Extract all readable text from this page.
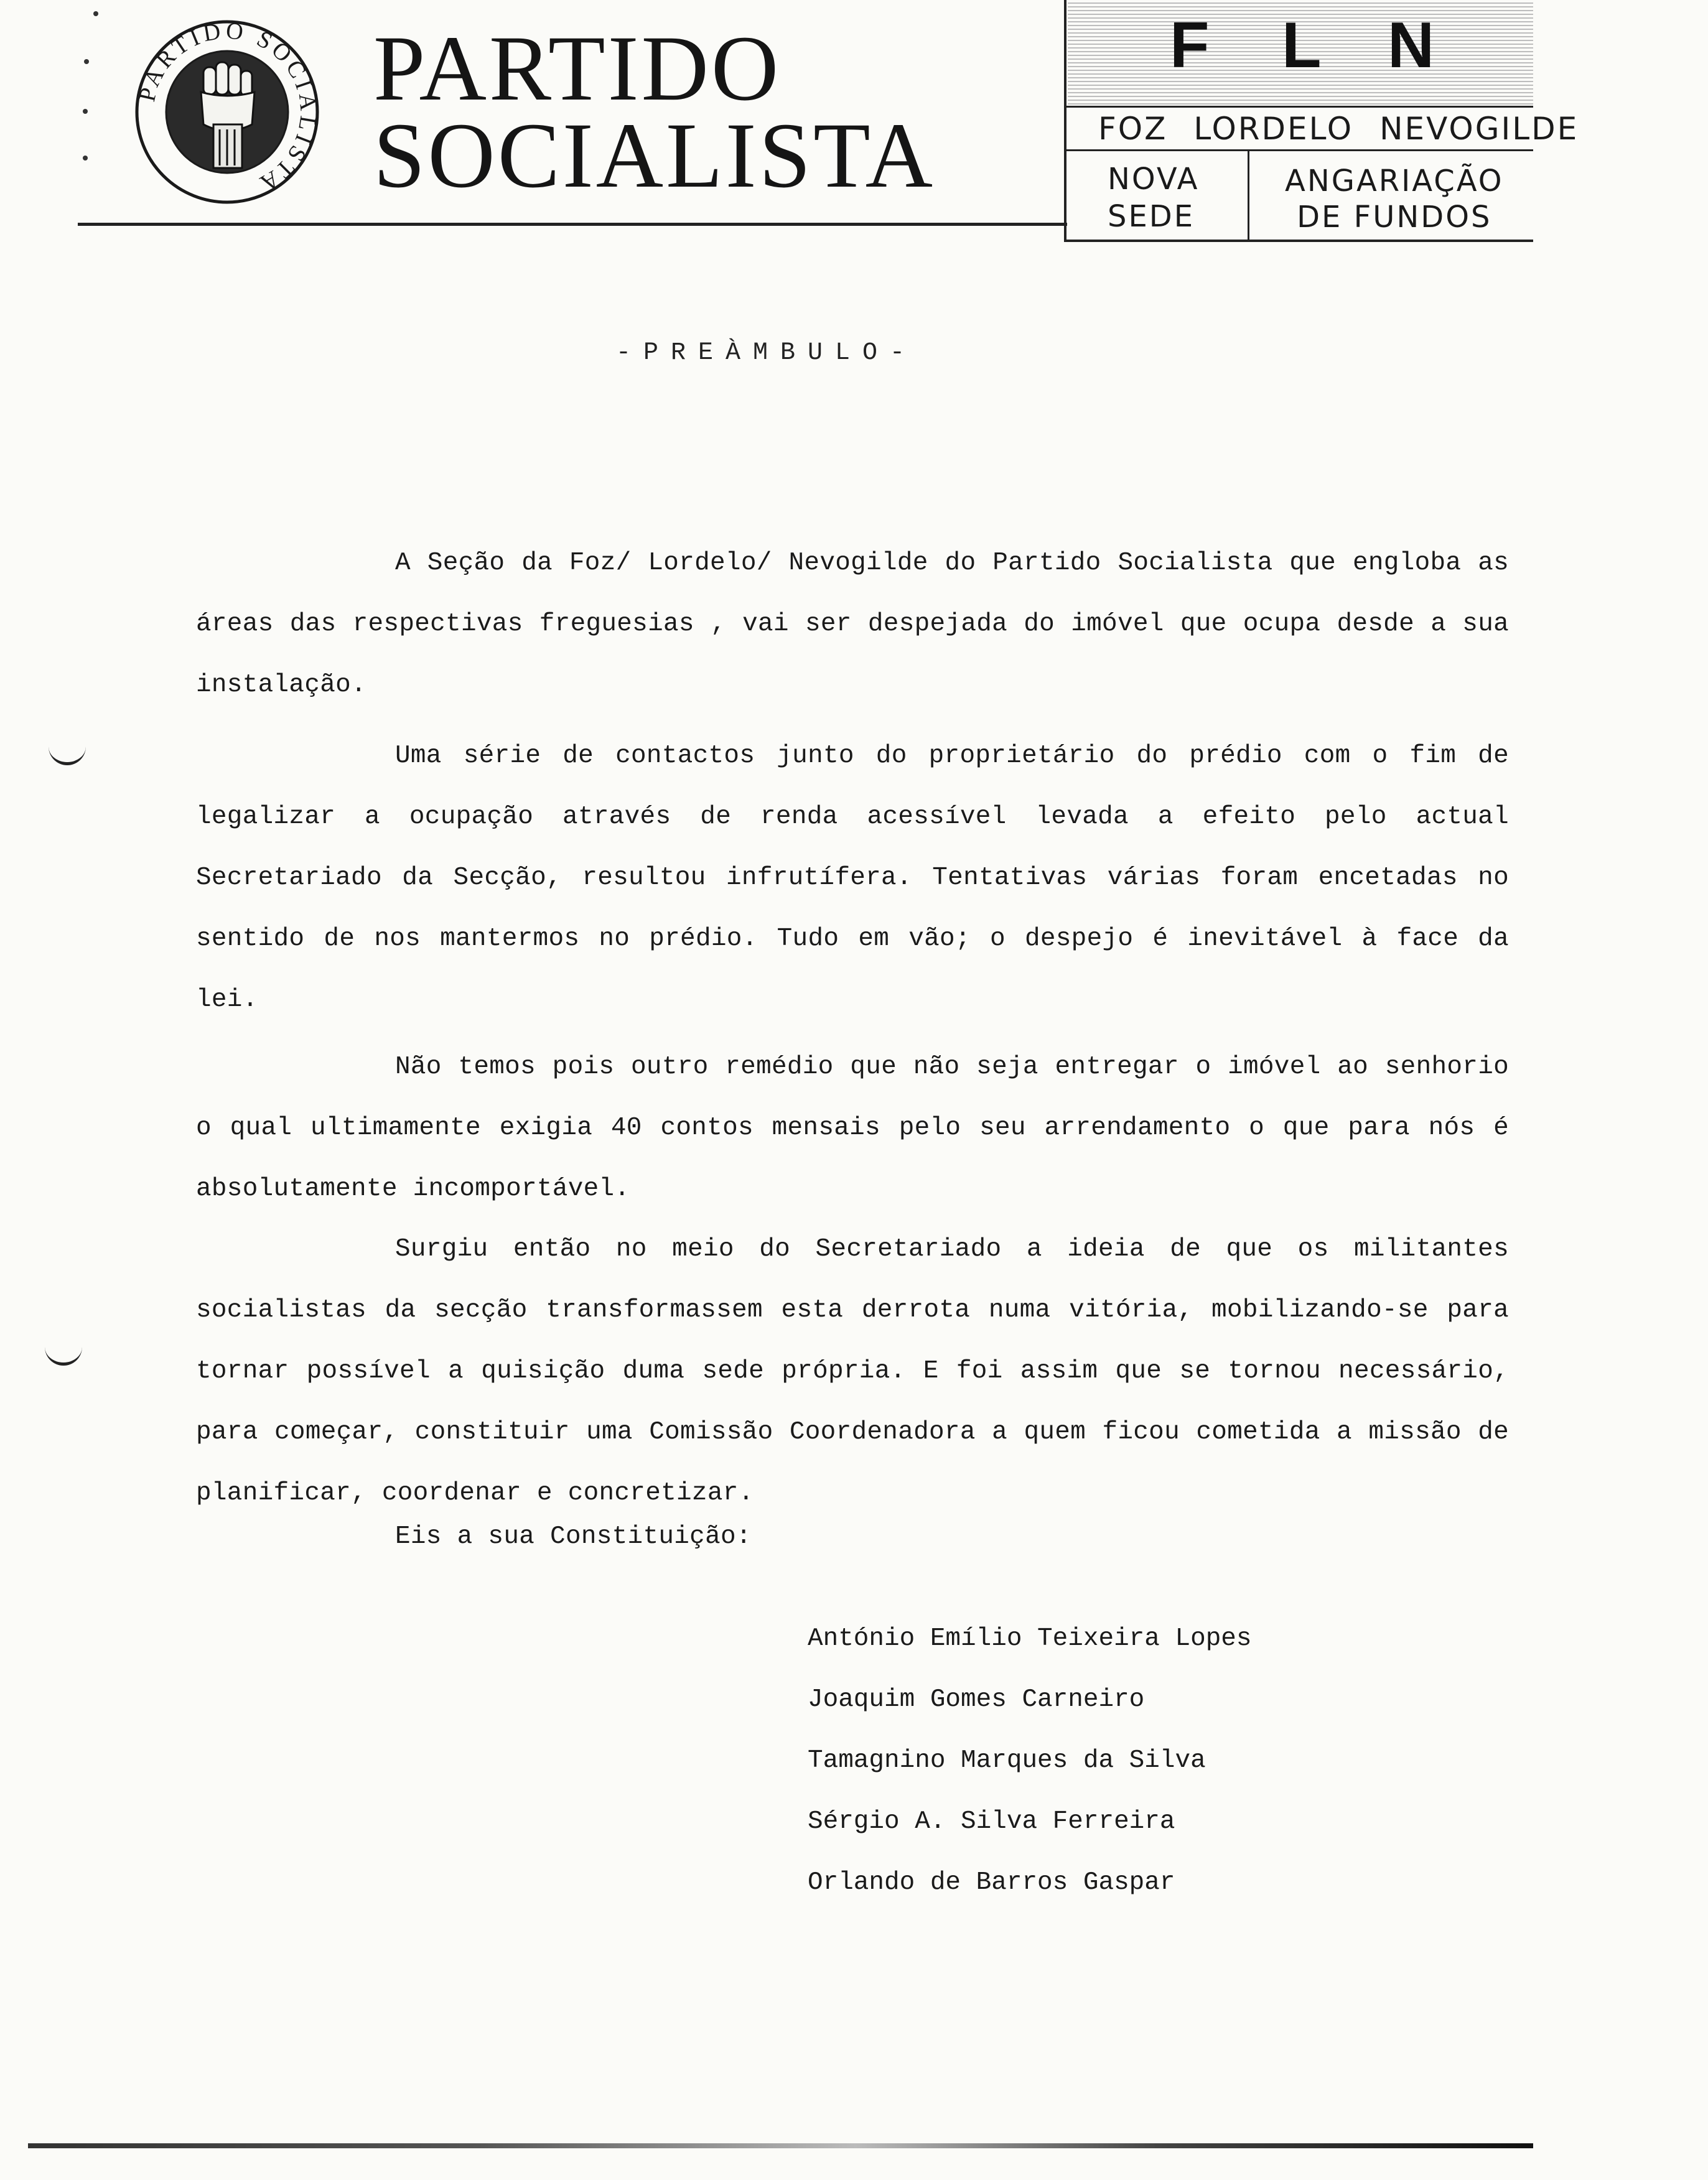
PARTIDO SOCIALISTA
PARTIDO
SOCIALISTA
F L N
FOZ LORDELO NEVOGILDE
NOVA
SEDE
ANGARIAÇÃO
DE FUNDOS
-PREÀMBULO-

A Seção da Foz/ Lordelo/ Nevogilde do Partido Socialista que engloba as áreas das respectivas freguesias , vai ser despejada do imóvel que ocupa desde a sua instalação.

Uma série de contactos junto do proprietário do prédio com o fim de legalizar a ocupação através de renda acessível levada a efeito pelo actual Secretariado da Secção, resultou infrutífera. Tentativas várias foram encetadas no sentido de nos mantermos no prédio. Tudo em vão; o despejo é inevitável à face da lei.

Não temos pois outro remédio que não seja entregar o imóvel ao senhorio o qual ultimamente exigia 40 contos mensais pelo seu arrendamento o que para nós é absolutamente incomportável.

Surgiu então no meio do Secretariado a ideia de que os militantes socialistas da secção transformassem esta derrota numa vitória, mobilizando-se para tornar possível a quisição duma sede própria. E foi assim que se tornou necessário, para começar, constituir uma Comissão Coordenadora a quem ficou cometida a missão de planificar, coordenar e concretizar.

Eis a sua Constituição:

António Emílio Teixeira Lopes
Joaquim Gomes Carneiro
Tamagnino Marques da Silva
Sérgio A. Silva Ferreira
Orlando de Barros Gaspar
